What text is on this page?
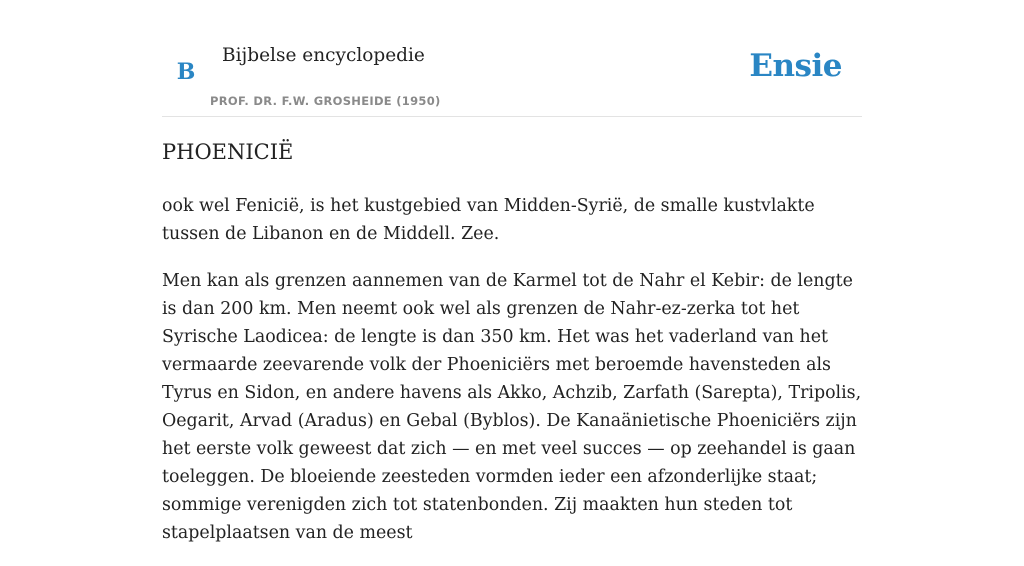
B
Bijbelse encyclopedie
PROF. DR. F.W. GROSHEIDE (1950)
Ensie
PHOENICIË

ook wel Fenicië, is het kustgebied van Midden-Syrië, de smalle kustvlakte tussen de Libanon en de Middell. Zee.

Men kan als grenzen aannemen van de Karmel tot de Nahr el Kebir: de lengte is dan 200 km. Men neemt ook wel als grenzen de Nahr-ez-zerka tot het Syrische Laodicea: de lengte is dan 350 km. Het was het vaderland van het vermaarde zeevarende volk der Phoeniciërs met beroemde havensteden als Tyrus en Sidon, en andere havens als Akko, Achzib, Zarfath (Sarepta), Tripolis, Oegarit, Arvad (Aradus) en Gebal (Byblos). De Kanaänietische Phoeniciërs zijn het eerste volk geweest dat zich — en met veel succes — op zeehandel is gaan toeleggen. De bloeiende zeesteden vormden ieder een afzonderlijke staat; sommige verenigden zich tot statenbonden. Zij maakten hun steden tot stapelplaatsen van de meest
